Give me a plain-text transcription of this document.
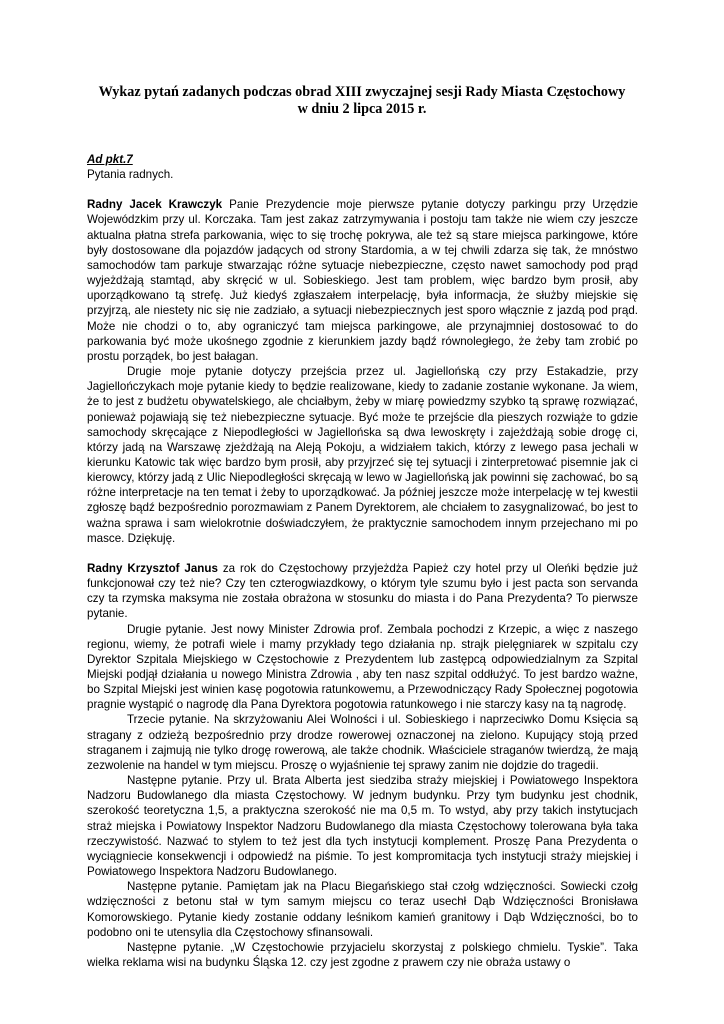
Wykaz pytań zadanych podczas obrad XIII zwyczajnej sesji Rady Miasta Częstochowy
w dniu 2 lipca 2015 r.

Ad pkt.7

Pytania radnych.

Radny Jacek Krawczyk Panie Prezydencie moje pierwsze pytanie dotyczy parkingu przy Urzędzie Wojewódzkim przy ul. Korczaka. Tam jest zakaz zatrzymywania i postoju tam także nie wiem czy jeszcze aktualna płatna strefa parkowania, więc to się trochę pokrywa, ale też są stare miejsca parkingowe, które były dostosowane dla pojazdów jadących od strony Stardomia, a w tej chwili zdarza się tak, że mnóstwo samochodów tam parkuje stwarzając różne sytuacje niebezpieczne, często nawet samochody pod prąd wyjeżdżają stamtąd, aby skręcić w ul. Sobieskiego. Jest tam problem, więc bardzo bym prosił, aby uporządkowano tą strefę. Już kiedyś zgłaszałem interpelację, była informacja, że służby miejskie się przyjrzą, ale niestety nic się nie zadziało, a sytuacji niebezpiecznych jest sporo włącznie z jazdą pod prąd. Może nie chodzi o to, aby ograniczyć tam miejsca parkingowe, ale przynajmniej dostosować to do parkowania być może ukośnego zgodnie z kierunkiem jazdy bądź równoległego, że żeby tam zrobić po prostu porządek, bo jest bałagan.

Drugie moje pytanie dotyczy przejścia przez ul. Jagiellońską czy przy Estakadzie, przy Jagiellończykach moje pytanie kiedy to będzie realizowane, kiedy to zadanie zostanie wykonane. Ja wiem, że to jest z budżetu obywatelskiego, ale chciałbym, żeby w miarę powiedzmy szybko tą sprawę rozwiązać, ponieważ pojawiają się też niebezpieczne sytuacje. Być może te przejście dla pieszych rozwiąże to gdzie samochody skręcające z Niepodległości w Jagiellońska są dwa lewoskręty i zajeżdżają sobie drogę ci, którzy jadą na Warszawę zjeżdżają na Aleją Pokoju, a widziałem takich, którzy z lewego pasa jechali w kierunku Katowic tak więc bardzo bym prosił, aby przyjrzeć się tej sytuacji i zinterpretować pisemnie jak ci kierowcy, którzy jadą z Ulic Niepodległości skręcają w lewo w Jagiellońską jak powinni się zachować, bo są różne interpretacje na ten temat i żeby to uporządkować. Ja później jeszcze może interpelację w tej kwestii zgłoszę bądź bezpośrednio porozmawiam z Panem Dyrektorem, ale chciałem to zasygnalizować, bo jest to ważna sprawa i sam wielokrotnie doświadczyłem, że praktycznie samochodem innym przejechano mi po masce. Dziękuję.

Radny Krzysztof Janus za rok do Częstochowy przyjeżdża Papież czy hotel przy ul Oleńki będzie już funkcjonował czy też nie? Czy ten czterogwiazdkowy, o którym tyle szumu było i jest pacta son servanda czy ta rzymska maksyma nie została obrażona w stosunku do miasta i do Pana Prezydenta? To pierwsze pytanie.

Drugie pytanie. Jest nowy Minister Zdrowia prof. Zembala pochodzi z Krzepic, a więc z naszego regionu, wiemy, że potrafi wiele i mamy przykłady tego działania np. strajk pielęgniarek w szpitalu czy Dyrektor Szpitala Miejskiego w Częstochowie z Prezydentem lub zastępcą odpowiedzialnym za Szpital Miejski podjął działania u nowego Ministra Zdrowia , aby ten nasz szpital oddłużyć. To jest bardzo ważne, bo Szpital Miejski jest winien kasę pogotowia ratunkowemu, a Przewodniczący Rady Społecznej pogotowia pragnie wystąpić o nagrodę dla Pana Dyrektora pogotowia ratunkowego i nie starczy kasy na tą nagrodę.

Trzecie pytanie. Na skrzyżowaniu Alei Wolności i ul. Sobieskiego i naprzeciwko Domu Księcia są stragany z odzieżą bezpośrednio przy drodze rowerowej oznaczonej na zielono. Kupujący stoją przed straganem i zajmują nie tylko drogę rowerową, ale także chodnik. Właściciele straganów twierdzą, że mają zezwolenie na handel w tym miejscu. Proszę o wyjaśnienie tej sprawy zanim nie dojdzie do tragedii.

Następne pytanie. Przy ul. Brata Alberta jest siedziba straży miejskiej i Powiatowego Inspektora Nadzoru Budowlanego dla miasta Częstochowy. W jednym budynku. Przy tym budynku jest chodnik, szerokość teoretyczna 1,5, a praktyczna szerokość nie ma 0,5 m. To wstyd, aby przy takich instytucjach straż miejska i Powiatowy Inspektor Nadzoru Budowlanego dla miasta Częstochowy tolerowana była taka rzeczywistość. Nazwać to stylem to też jest dla tych instytucji komplement. Proszę Pana Prezydenta o wyciągniecie konsekwencji i odpowiedź na piśmie. To jest kompromitacja tych instytucji straży miejskiej i Powiatowego Inspektora Nadzoru Budowlanego.

Następne pytanie. Pamiętam jak na Placu Biegańskiego stał czołg wdzięczności. Sowiecki czołg wdzięczności z betonu stał w tym samym miejscu co teraz usechł Dąb Wdzięczności Bronisława Komorowskiego. Pytanie kiedy zostanie oddany leśnikom kamień granitowy i Dąb Wdzięczności, bo to podobno oni te utensylia dla Częstochowy sfinansowali.

Następne pytanie. „W Częstochowie przyjacielu skorzystaj z polskiego chmielu. Tyskie”. Taka wielka reklama wisi na budynku Śląska 12. czy jest zgodne z prawem czy nie obraża ustawy o
